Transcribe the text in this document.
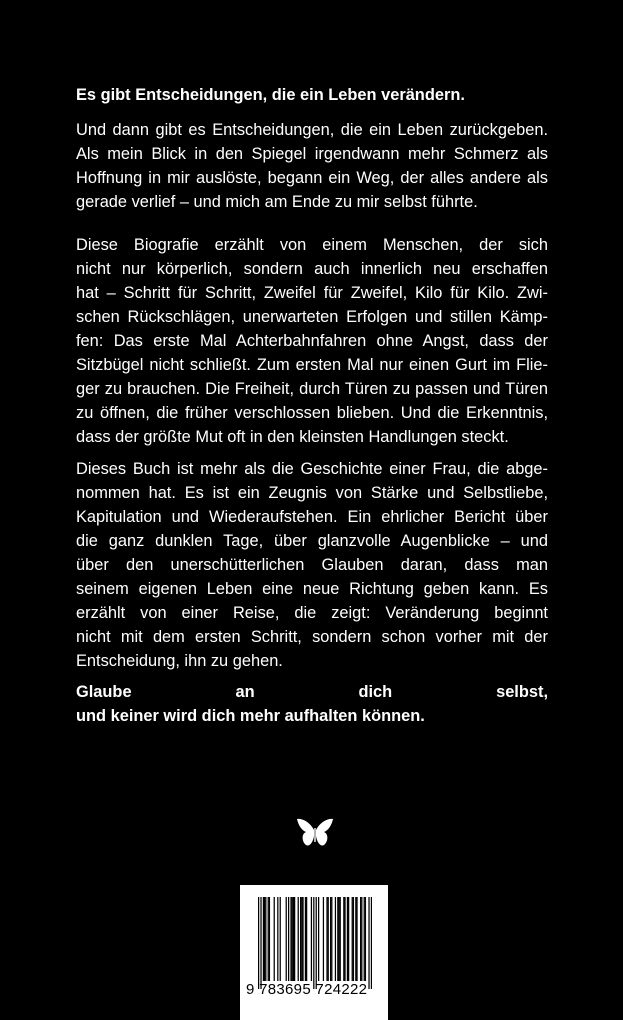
Es gibt Entscheidungen, die ein Leben verändern.
Und dann gibt es Entscheidungen, die ein Leben zurückgeben.
Als mein Blick in den Spiegel irgendwann mehr Schmerz als
Hoffnung in mir auslöste, begann ein Weg, der alles andere als
gerade verlief – und mich am Ende zu mir selbst führte.
Diese Biografie erzählt von einem Menschen, der sich
nicht nur körperlich, sondern auch innerlich neu erschaffen
hat – Schritt für Schritt, Zweifel für Zweifel, Kilo für Kilo. Zwi-
schen Rückschlägen, unerwarteten Erfolgen und stillen Kämp-
fen: Das erste Mal Achterbahnfahren ohne Angst, dass der
Sitzbügel nicht schließt. Zum ersten Mal nur einen Gurt im Flie-
ger zu brauchen. Die Freiheit, durch Türen zu passen und Türen
zu öffnen, die früher verschlossen blieben. Und die Erkenntnis,
dass der größte Mut oft in den kleinsten Handlungen steckt.
Dieses Buch ist mehr als die Geschichte einer Frau, die abge-
nommen hat. Es ist ein Zeugnis von Stärke und Selbstliebe,
Kapitulation und Wiederaufstehen. Ein ehrlicher Bericht über
die ganz dunklen Tage, über glanzvolle Augenblicke – und
über den unerschütterlichen Glauben daran, dass man
seinem eigenen Leben eine neue Richtung geben kann. Es
erzählt von einer Reise, die zeigt: Veränderung beginnt
nicht mit dem ersten Schritt, sondern schon vorher mit der
Entscheidung, ihn zu gehen.
Glaube an dich selbst,
und keiner wird dich mehr aufhalten können.
9 783695 724222
